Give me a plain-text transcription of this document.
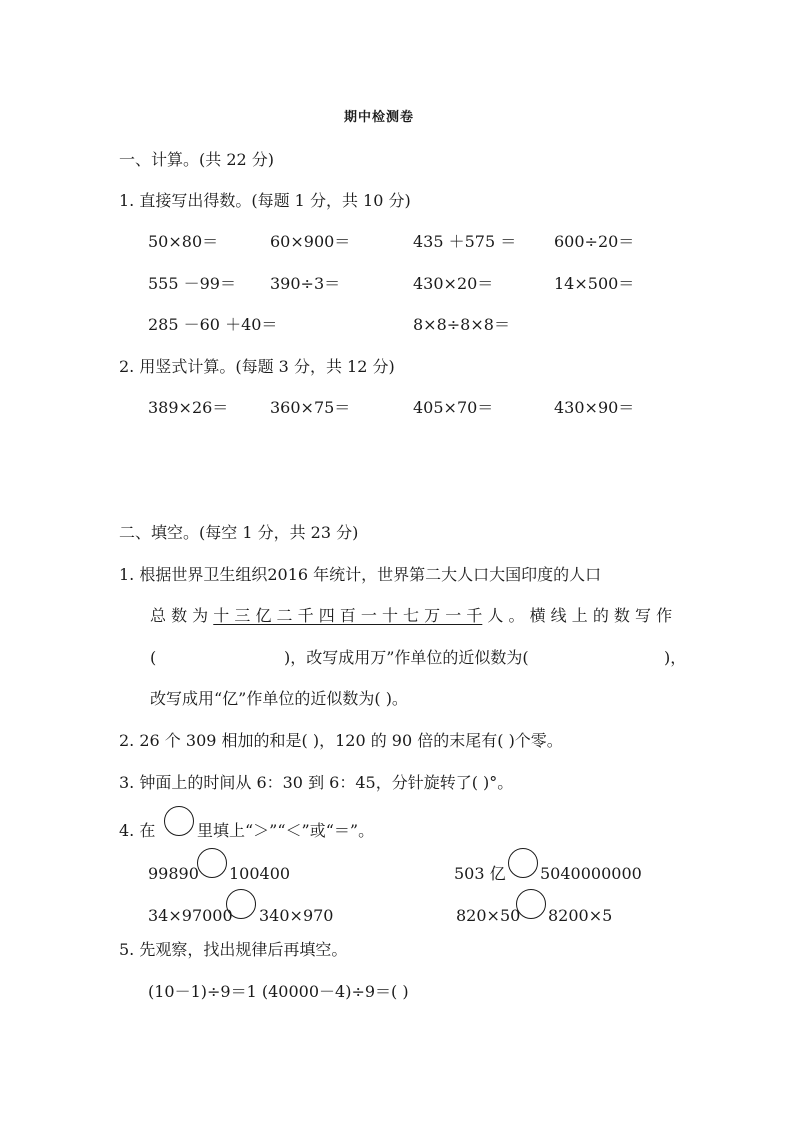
期中检测卷
一、计算。(共 22 分)
1. 直接写出得数。(每题 1 分，共 10 分)
50×80＝	60×900＝	435 ＋575 ＝ 600÷20＝
555 －99＝ 390÷3＝	430×20＝	14×500＝
285 －60 ＋40＝	8×8÷8×8＝
2. 用竖式计算。(每题 3 分，共 12 分)
389×26＝	360×75＝	405×70＝	430×90＝
二、填空。(每空 1 分，共 23 分)
1. 根据世界卫生组织2016 年统计，世界第二大人口大国印度的人口
总 数 为 十 三 亿 二 千 四 百 一 十 七 万 一 千 人 。 横 线 上 的 数 写 作
(	)，改写成用万”作单位的近似数为(	)，
改写成用“亿”作单位的近似数为( )。
2. 26 个 309 相加的和是( )，120 的 90 倍的末尾有( )个零。
3. 钟面上的时间从 6：30 到 6：45，分针旋转了( )°。
4. 在	里填上“＞”“＜”或“＝”。
99890 100400	503 亿 5040000000
34×97000 340×970	820×50 8200×5
5. 先观察，找出规律后再填空。
(10－1)÷9＝1 (40000－4)÷9＝( )
